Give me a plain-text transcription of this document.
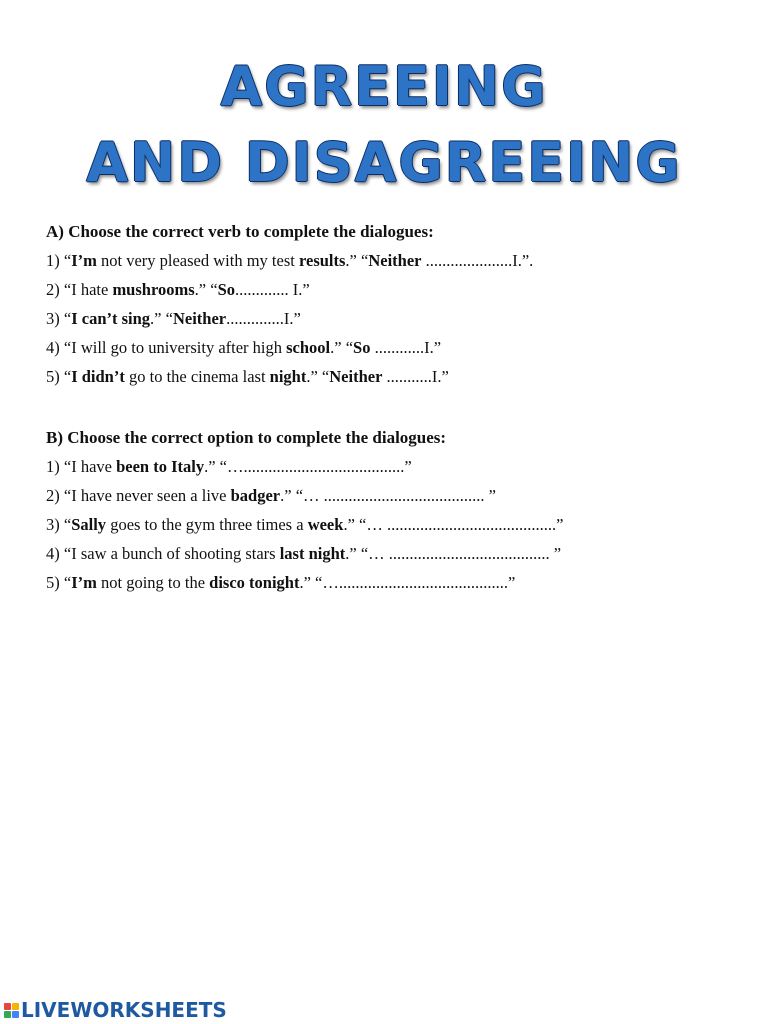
AGREEING
AND DISAGREEING

A) Choose the correct verb to complete the dialogues:

1) “I’m not very pleased with my test results.” “Neither .....................I.”.

2) “I hate mushrooms.” “So............. I.”

3) “I can’t sing.” “Neither..............I.”

4) “I will go to university after high school.” “So ............I.”

5) “I didn’t go to the cinema last night.” “Neither ...........I.”

B) Choose the correct option to complete the dialogues:

1) “I have been to Italy.” “….......................................”

2) “I have never seen a live badger.” “… ....................................... ”

3) “Sally goes to the gym three times a week.” “… .........................................”

4) “I saw a bunch of shooting stars last night.” “… ....................................... ”

5) “I’m not going to the disco tonight.” “….........................................”

LIVEWORKSHEETS
